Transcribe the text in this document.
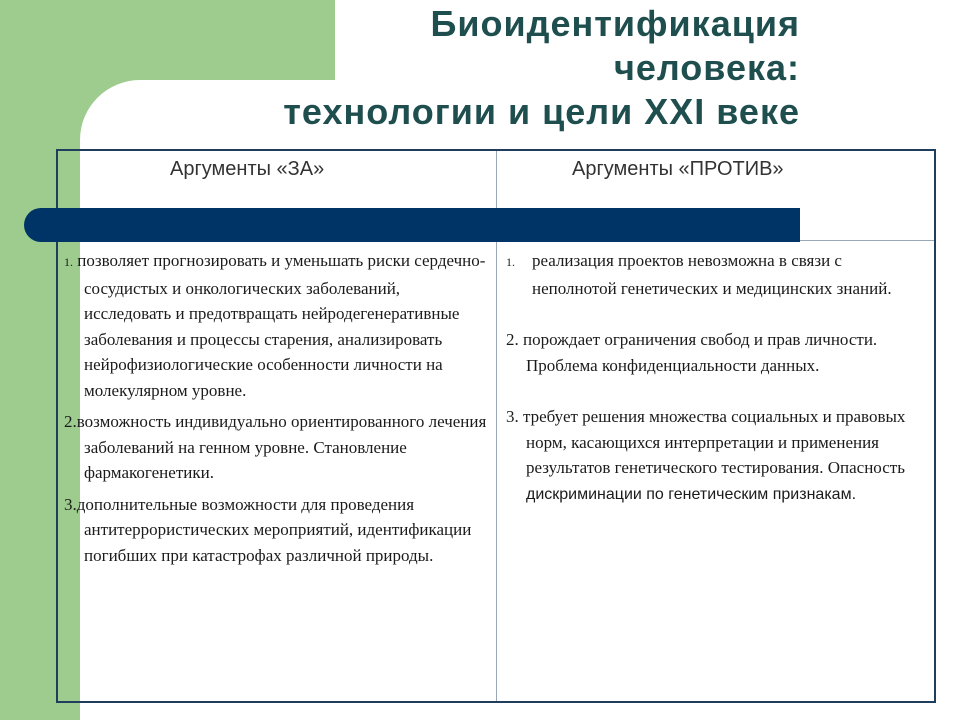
Биоидентификация
человека:
технологии и цели XXI веке
Аргументы «ЗА»	Аргументы «ПРОТИВ»

1. позволяет прогнозировать и уменьшать риски сердечно-сосудистых и онкологических заболеваний, исследовать и предотвращать нейродегенеративные заболевания и процессы старения, анализировать нейрофизиологические особенности личности на молекулярном уровне.

2.возможность индивидуально ориентированного лечения заболеваний на генном уровне. Становление фармакогенетики.

3.дополнительные возможности для проведения антитеррористических мероприятий, идентификации погибших при катастрофах различной природы.

1. реализация проектов невозможна в связи с неполнотой генетических и медицинских знаний.

2. порождает ограничения свобод и прав личности. Проблема конфиденциальности данных.

3. требует решения множества социальных и правовых норм, касающихся интерпретации и применения результатов генетического тестирования. Опасность дискриминации по генетическим признакам.
